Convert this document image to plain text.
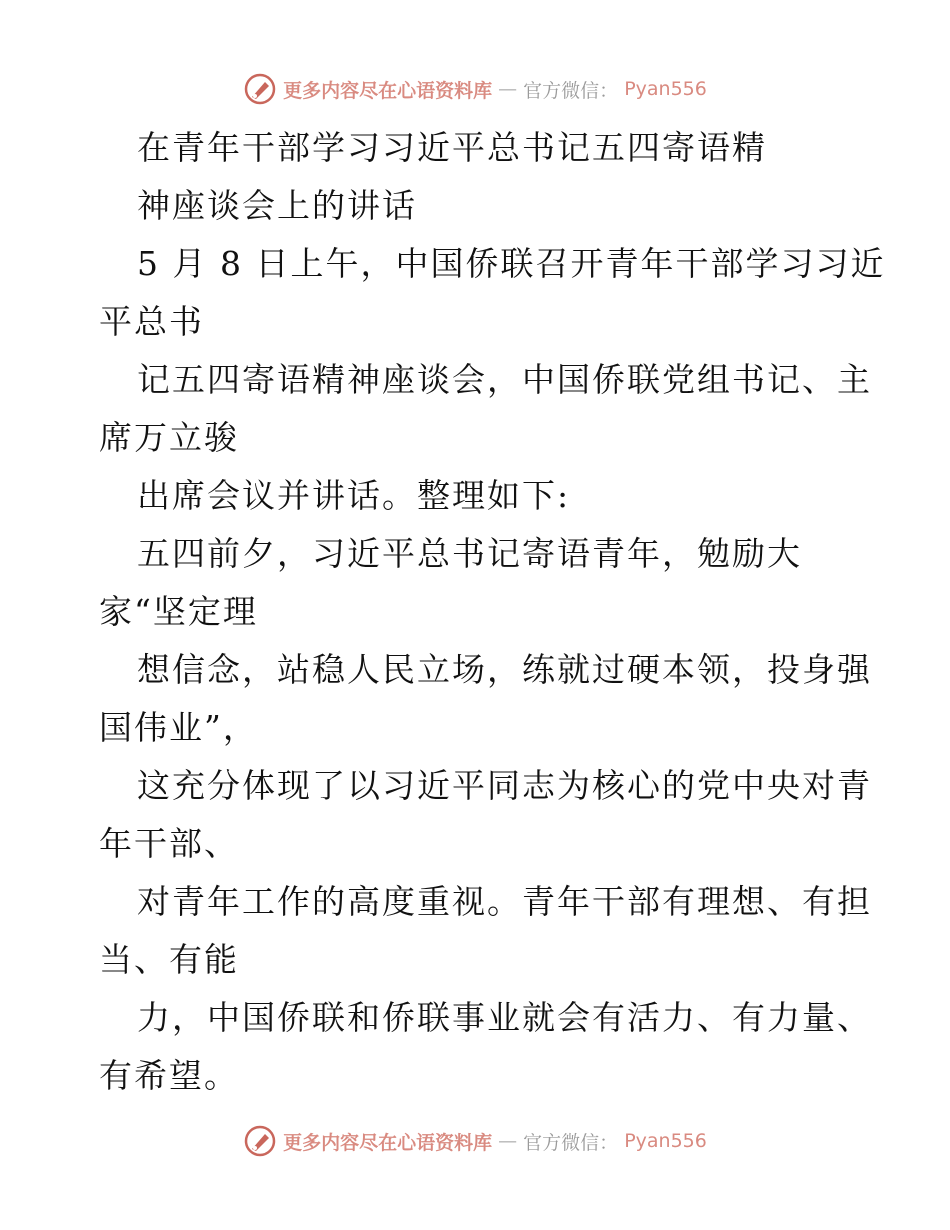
更多内容尽在心语资料库 — 官方微信： Pyan556
在青年干部学习习近平总书记五四寄语精
神座谈会上的讲话
5 月 8 日上午，中国侨联召开青年干部学习习近
平总书
记五四寄语精神座谈会，中国侨联党组书记、主
席万立骏
出席会议并讲话。整理如下:
五四前夕，习近平总书记寄语青年，勉励大
家“坚定理
想信念，站稳人民立场，练就过硬本领，投身强
国伟业”，
这充分体现了以习近平同志为核心的党中央对青
年干部、
对青年工作的高度重视。青年干部有理想、有担
当、有能
力，中国侨联和侨联事业就会有活力、有力量、
有希望。
更多内容尽在心语资料库 — 官方微信： Pyan556
